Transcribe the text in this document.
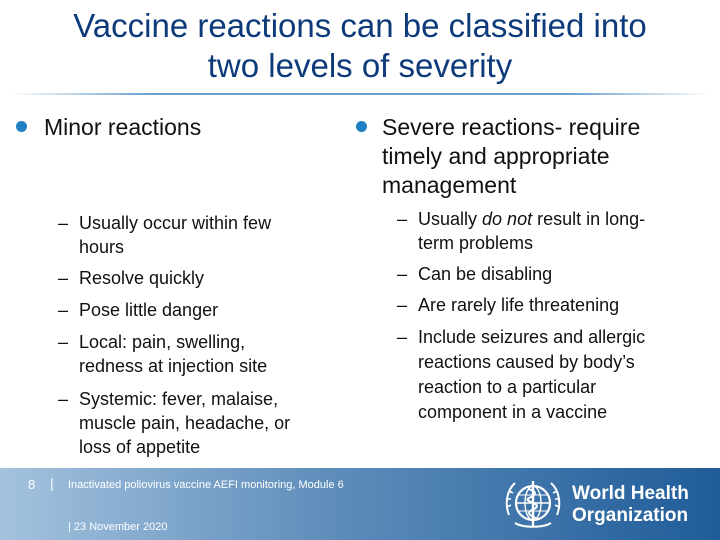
Vaccine reactions can be classified into
two levels of severity
Minor reactions
– Usually occur within few
hours
– Resolve quickly
– Pose little danger
– Local: pain, swelling,
redness at injection site
– Systemic: fever, malaise,
muscle pain, headache, or
loss of appetite
Severe reactions- require
timely and appropriate
management
– Usually do not result in long-
term problems
– Can be disabling
– Are rarely life threatening
– Include seizures and allergic
reactions caused by body’s
reaction to a particular
component in a vaccine
8 | Inactivated poliovirus vaccine AEFI monitoring, Module 6
| 23 November 2020
World Health
Organization
